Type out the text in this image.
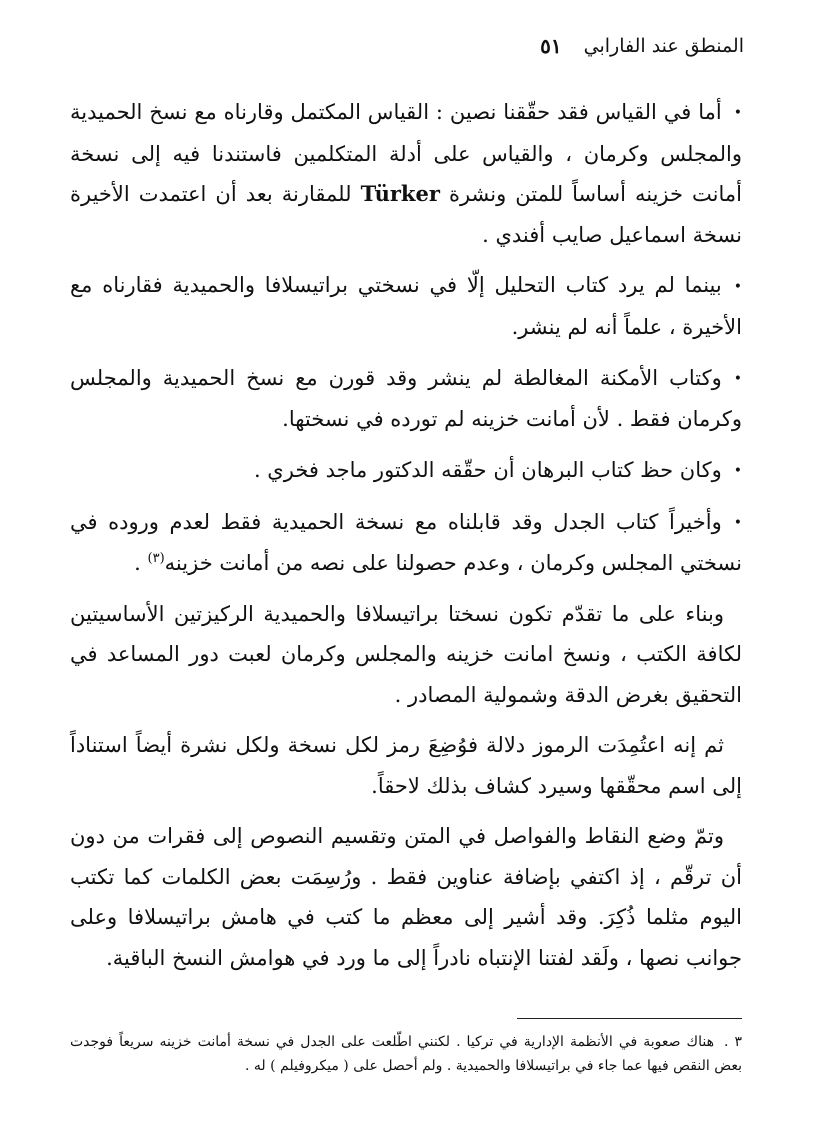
المنطق عند الفارابي
٥١

• أما في القياس فقد حقّقنا نصين : القياس المكتمل وقارناه مع نسخ الحميدية والمجلس وكرمان ، والقياس على أدلة المتكلمين فاستندنا فيه إلى نسخة أمانت خزينه أساساً للمتن ونشرة Türker للمقارنة بعد أن اعتمدت الأخيرة نسخة اسماعيل صايب أفندي .

• بينما لم يرد كتاب التحليل إلّا في نسختي براتيسلافا والحميدية فقارناه مع الأخيرة ، علماً أنه لم ينشر.

• وكتاب الأمكنة المغالطة لم ينشر وقد قورن مع نسخ الحميدية والمجلس وكرمان فقط . لأن أمانت خزينه لم تورده في نسختها.

• وكان حظ كتاب البرهان أن حقّقه الدكتور ماجد فخري .

• وأخيراً كتاب الجدل وقد قابلناه مع نسخة الحميدية فقط لعدم وروده في نسختي المجلس وكرمان ، وعدم حصولنا على نصه من أمانت خزينه$^{(٣)}$ .

وبناء على ما تقدّم تكون نسختا براتيسلافا والحميدية الركيزتين الأساسيتين لكافة الكتب ، ونسخ امانت خزينه والمجلس وكرمان لعبت دور المساعد في التحقيق بغرض الدقة وشمولية المصادر .

ثم إنه اعتُمِدَت الرموز دلالة فوُضِعَ رمز لكل نسخة ولكل نشرة أيضاً استناداً إلى اسم محقّقها وسيرد كشاف بذلك لاحقاً.

وتمّ وضع النقاط والفواصل في المتن وتقسيم النصوص إلى فقرات من دون أن ترقّم ، إذ اكتفي بإضافة عناوين فقط . ورُسِمَت بعض الكلمات كما تكتب اليوم مثلما ذُكِرَ. وقد أشير إلى معظم ما كتب في هامش براتيسلافا وعلى جوانب نصها ، ولَقد لفتنا الإنتباه نادراً إلى ما ورد في هوامش النسخ الباقية.

٣ .هناك صعوبة في الأنظمة الإدارية في تركيا . لكنني اطّلعت على الجدل في نسخة أمانت خزينه سريعاً فوجدت بعض النقص فيها عما جاء في براتيسلافا والحميدية . ولم أحصل على ( ميكروفيلم ) له .
